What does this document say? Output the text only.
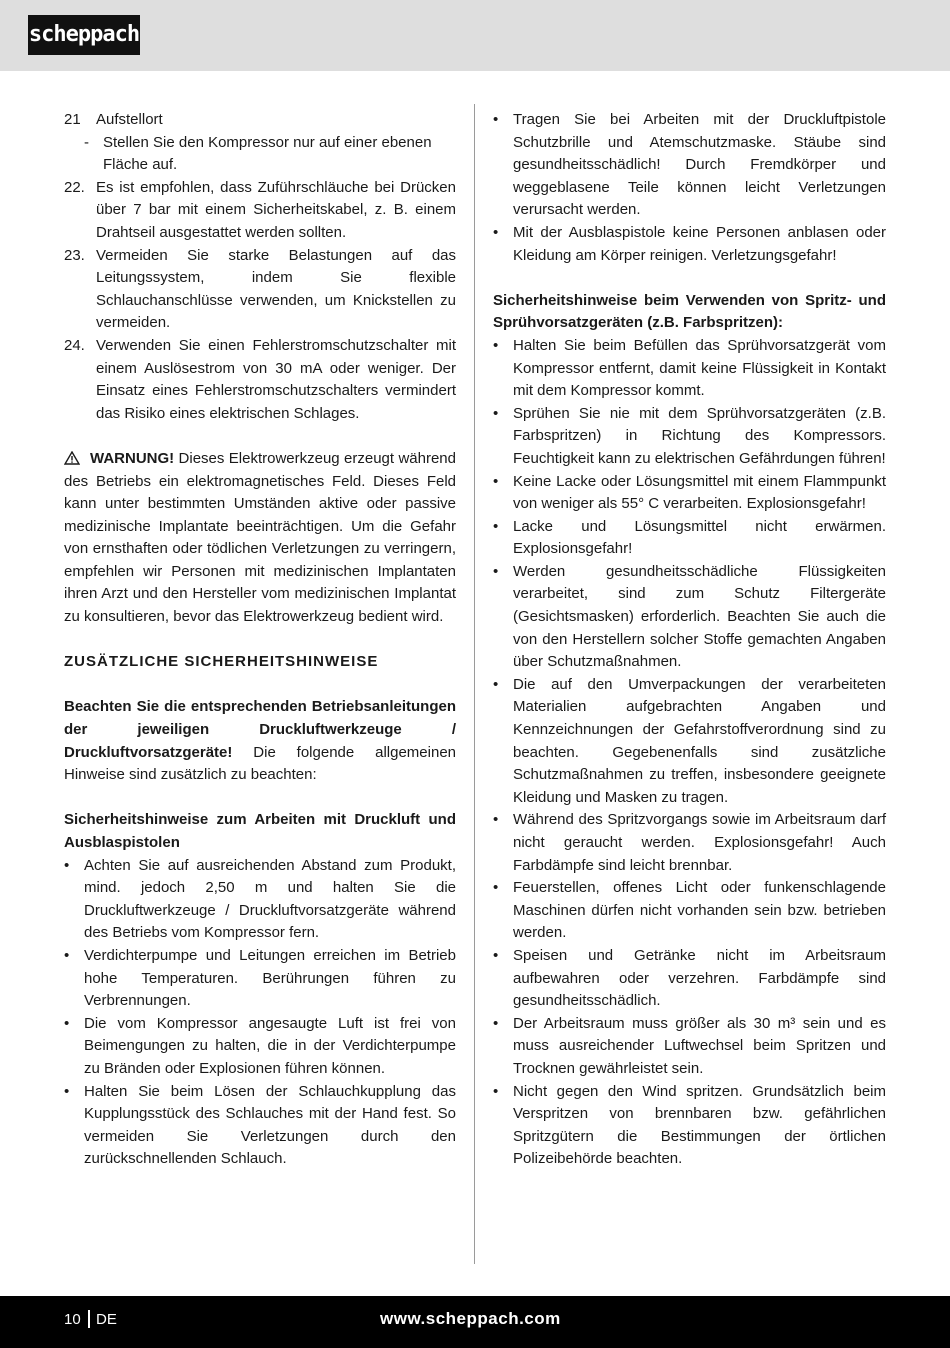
scheppach
21	Aufstellort
- Stellen Sie den Kompressor nur auf einer ebenen Fläche auf.
22. Es ist empfohlen, dass Zuführschläuche bei Drücken über 7 bar mit einem Sicherheitskabel, z. B. einem Drahtseil ausgestattet werden sollten.
23. Vermeiden Sie starke Belastungen auf das Leitungssystem, indem Sie flexible Schlauchanschlüsse verwenden, um Knickstellen zu vermeiden.
24. Verwenden Sie einen Fehlerstromschutzschalter mit einem Auslösestrom von 30 mA oder weniger. Der Einsatz eines Fehlerstromschutzschalters vermindert das Risiko eines elektrischen Schlages.

WARNUNG! Dieses Elektrowerkzeug erzeugt während des Betriebs ein elektromagnetisches Feld. Dieses Feld kann unter bestimmten Umständen aktive oder passive medizinische Implantate beeinträchtigen. Um die Gefahr von ernsthaften oder tödlichen Verletzungen zu verringern, empfehlen wir Personen mit medizinischen Implantaten ihren Arzt und den Hersteller vom medizinischen Implantat zu konsultieren, bevor das Elektrowerkzeug bedient wird.

ZUSÄTZLICHE SICHERHEITSHINWEISE

Beachten Sie die entsprechenden Betriebsanleitungen der jeweiligen Druckluftwerkzeuge / Druckluftvorsatzgeräte! Die folgende allgemeinen Hinweise sind zusätzlich zu beachten:

Sicherheitshinweise zum Arbeiten mit Druckluft und Ausblaspistolen

• Achten Sie auf ausreichenden Abstand zum Produkt, mind. jedoch 2,50 m und halten Sie die Druckluftwerkzeuge / Druckluftvorsatzgeräte während des Betriebs vom Kompressor fern.
• Verdichterpumpe und Leitungen erreichen im Betrieb hohe Temperaturen. Berührungen führen zu Verbrennungen.
• Die vom Kompressor angesaugte Luft ist frei von Beimengungen zu halten, die in der Verdichterpumpe zu Bränden oder Explosionen führen können.
• Halten Sie beim Lösen der Schlauchkupplung das Kupplungsstück des Schlauches mit der Hand fest. So vermeiden Sie Verletzungen durch den zurückschnellenden Schlauch.
• Tragen Sie bei Arbeiten mit der Druckluftpistole Schutzbrille und Atemschutzmaske. Stäube sind gesundheitsschädlich! Durch Fremdkörper und weggeblasene Teile können leicht Verletzungen verursacht werden.
• Mit der Ausblaspistole keine Personen anblasen oder Kleidung am Körper reinigen. Verletzungsgefahr!

Sicherheitshinweise beim Verwenden von Spritz- und Sprühvorsatzgeräten (z.B. Farbspritzen):

• Halten Sie beim Befüllen das Sprühvorsatzgerät vom Kompressor entfernt, damit keine Flüssigkeit in Kontakt mit dem Kompressor kommt.
• Sprühen Sie nie mit dem Sprühvorsatzgeräten (z.B. Farbspritzen) in Richtung des Kompressors. Feuchtigkeit kann zu elektrischen Gefährdungen führen!
• Keine Lacke oder Lösungsmittel mit einem Flammpunkt von weniger als 55° C verarbeiten. Explosionsgefahr!
• Lacke und Lösungsmittel nicht erwärmen. Explosionsgefahr!
• Werden gesundheitsschädliche Flüssigkeiten verarbeitet, sind zum Schutz Filtergeräte (Gesichtsmasken) erforderlich. Beachten Sie auch die von den Herstellern solcher Stoffe gemachten Angaben über Schutzmaßnahmen.
• Die auf den Umverpackungen der verarbeiteten Materialien aufgebrachten Angaben und Kennzeichnungen der Gefahrstoffverordnung sind zu beachten. Gegebenenfalls sind zusätzliche Schutzmaßnahmen zu treffen, insbesondere geeignete Kleidung und Masken zu tragen.
• Während des Spritzvorgangs sowie im Arbeitsraum darf nicht geraucht werden. Explosionsgefahr! Auch Farbdämpfe sind leicht brennbar.
• Feuerstellen, offenes Licht oder funkenschlagende Maschinen dürfen nicht vorhanden sein bzw. betrieben werden.
• Speisen und Getränke nicht im Arbeitsraum aufbewahren oder verzehren. Farbdämpfe sind gesundheitsschädlich.
• Der Arbeitsraum muss größer als 30 m³ sein und es muss ausreichender Luftwechsel beim Spritzen und Trocknen gewährleistet sein.
• Nicht gegen den Wind spritzen. Grundsätzlich beim Verspritzen von brennbaren bzw. gefährlichen Spritzgütern die Bestimmungen der örtlichen Polizeibehörde beachten.
10 DE	www.scheppach.com
